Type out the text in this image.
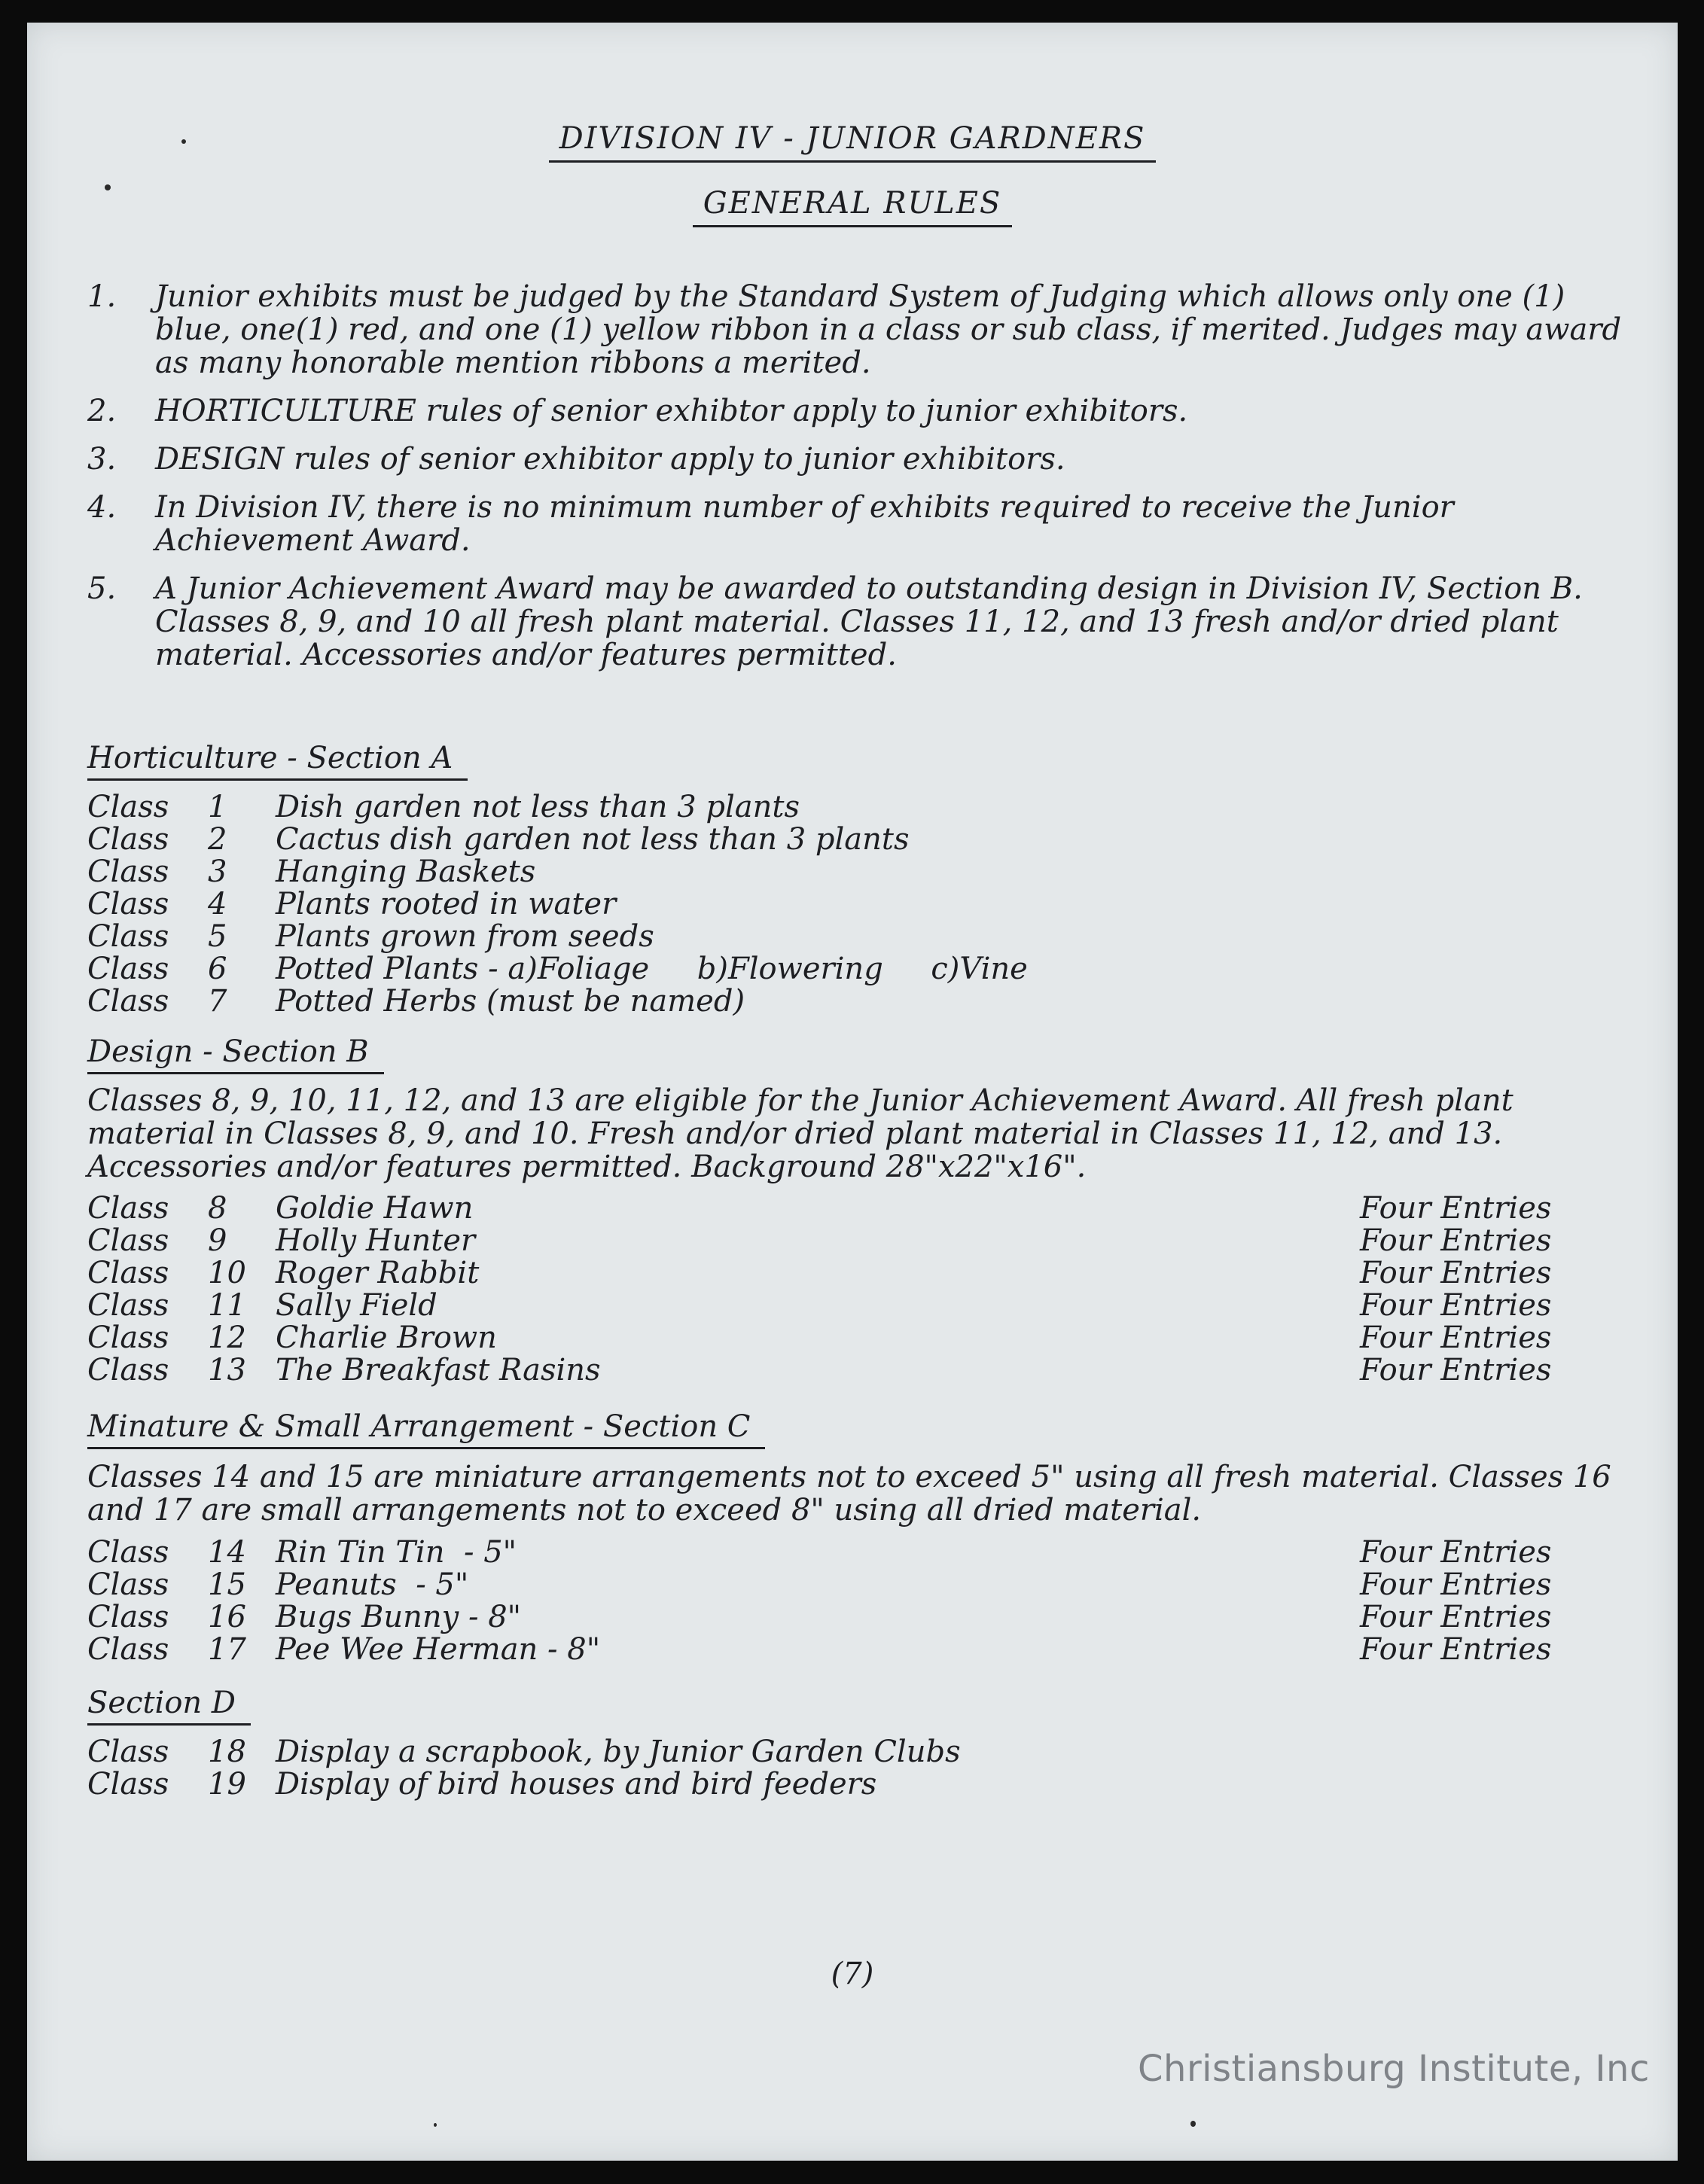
DIVISION IV - JUNIOR GARDNERS
GENERAL RULES
1.	Junior exhibits must be judged by the Standard System of Judging which allows only one (1) blue, one(1) red, and one (1) yellow ribbon in a class or sub class, if merited. Judges may award as many honorable mention ribbons a merited.
2.	HORTICULTURE rules of senior exhibtor apply to junior exhibitors.
3.	DESIGN rules of senior exhibitor apply to junior exhibitors.
4.	In Division IV, there is no minimum number of exhibits required to receive the Junior Achievement Award.
5.	A Junior Achievement Award may be awarded to outstanding design in Division IV, Section B. Classes 8, 9, and 10 all fresh plant material. Classes 11, 12, and 13 fresh and/or dried plant material. Accessories and/or features permitted.
Horticulture - Section A
Class	1	Dish garden not less than 3 plants
Class	2	Cactus dish garden not less than 3 plants
Class	3	Hanging Baskets
Class	4	Plants rooted in water
Class	5	Plants grown from seeds
Class	6	Potted Plants - a)Foliage     b)Flowering     c)Vine
Class	7	Potted Herbs (must be named)
Design - Section B
Classes 8, 9, 10, 11, 12, and 13 are eligible for the Junior Achievement Award. All fresh plant material in Classes 8, 9, and 10. Fresh and/or dried plant material in Classes 11, 12, and 13. Accessories and/or features permitted. Background 28"x22"x16".
Class	8	Goldie Hawn	Four Entries
Class	9	Holly Hunter	Four Entries
Class	10 Roger Rabbit	Four Entries
Class	11 Sally Field	Four Entries
Class	12 Charlie Brown	Four Entries
Class	13 The Breakfast Rasins	Four Entries
Minature & Small Arrangement - Section C
Classes 14 and 15 are miniature arrangements not to exceed 5" using all fresh material. Classes 16 and 17 are small arrangements not to exceed 8" using all dried material.
Class	14 Rin Tin Tin  - 5"	Four Entries
Class	15 Peanuts  - 5"	Four Entries
Class	16 Bugs Bunny - 8"	Four Entries
Class	17 Pee Wee Herman - 8"	Four Entries
Section D
Class	18 Display a scrapbook, by Junior Garden Clubs
Class	19 Display of bird houses and bird feeders
(7)
Christiansburg Institute, Inc
